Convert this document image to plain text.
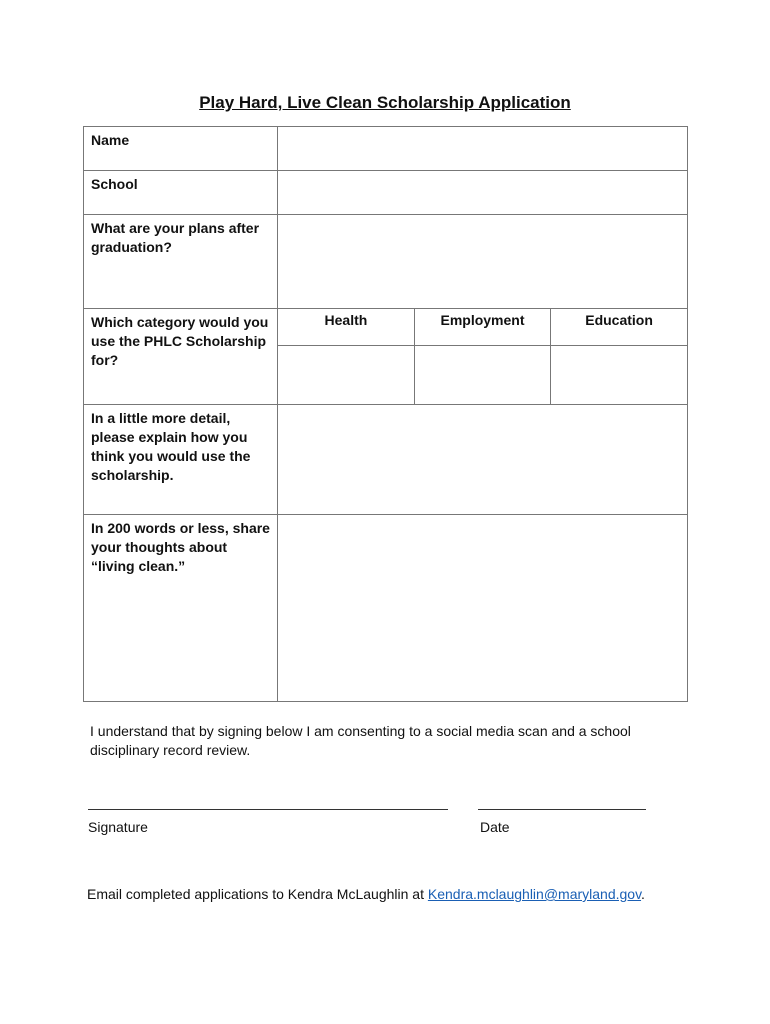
Play Hard, Live Clean Scholarship Application
Name	
School	
What are your plans after graduation?	
Which category would you use the PHLC Scholarship for?	
Health	Employment	Education

In a little more detail, please explain how you think you would use the scholarship.	
In 200 words or less, share your thoughts about “living clean.”	
I understand that by signing below I am consenting to a social media scan and a school disciplinary record review.
Signature	Date
Email completed applications to Kendra McLaughlin at Kendra.mclaughlin@maryland.gov.
